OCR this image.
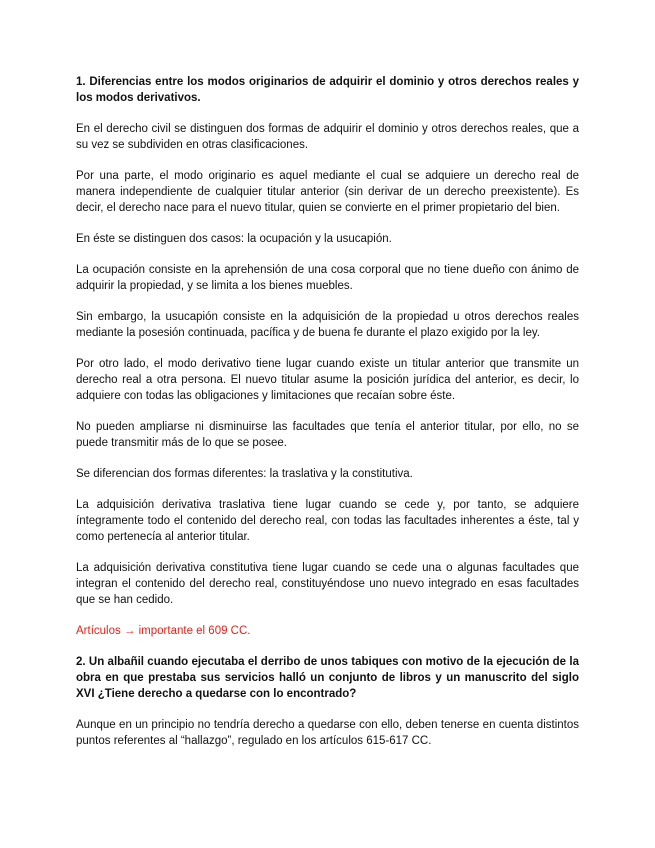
1. Diferencias entre los modos originarios de adquirir el dominio y otros derechos reales y los modos derivativos.

En el derecho civil se distinguen dos formas de adquirir el dominio y otros derechos reales, que a su vez se subdividen en otras clasificaciones.

Por una parte, el modo originario es aquel mediante el cual se adquiere un derecho real de manera independiente de cualquier titular anterior (sin derivar de un derecho preexistente). Es decir, el derecho nace para el nuevo titular, quien se convierte en el primer propietario del bien.

En éste se distinguen dos casos: la ocupación y la usucapión.

La ocupación consiste en la aprehensión de una cosa corporal que no tiene dueño con ánimo de adquirir la propiedad, y se limita a los bienes muebles.

Sin embargo, la usucapión consiste en la adquisición de la propiedad u otros derechos reales mediante la posesión continuada, pacífica y de buena fe durante el plazo exigido por la ley.

Por otro lado, el modo derivativo tiene lugar cuando existe un titular anterior que transmite un derecho real a otra persona. El nuevo titular asume la posición jurídica del anterior, es decir, lo adquiere con todas las obligaciones y limitaciones que recaían sobre éste.

No pueden ampliarse ni disminuirse las facultades que tenía el anterior titular, por ello, no se puede transmitir más de lo que se posee.

Se diferencian dos formas diferentes: la traslativa y la constitutiva.

La adquisición derivativa traslativa tiene lugar cuando se cede y, por tanto, se adquiere íntegramente todo el contenido del derecho real, con todas las facultades inherentes a éste, tal y como pertenecía al anterior titular.

La adquisición derivativa constitutiva tiene lugar cuando se cede una o algunas facultades que integran el contenido del derecho real, constituyéndose uno nuevo integrado en esas facultades que se han cedido.

Artículos → importante el 609 CC.

2. Un albañil cuando ejecutaba el derribo de unos tabiques con motivo de la ejecución de la obra en que prestaba sus servicios halló un conjunto de libros y un manuscrito del siglo XVI ¿Tiene derecho a quedarse con lo encontrado?

Aunque en un principio no tendría derecho a quedarse con ello, deben tenerse en cuenta distintos puntos referentes al “hallazgo”, regulado en los artículos 615-617 CC.
